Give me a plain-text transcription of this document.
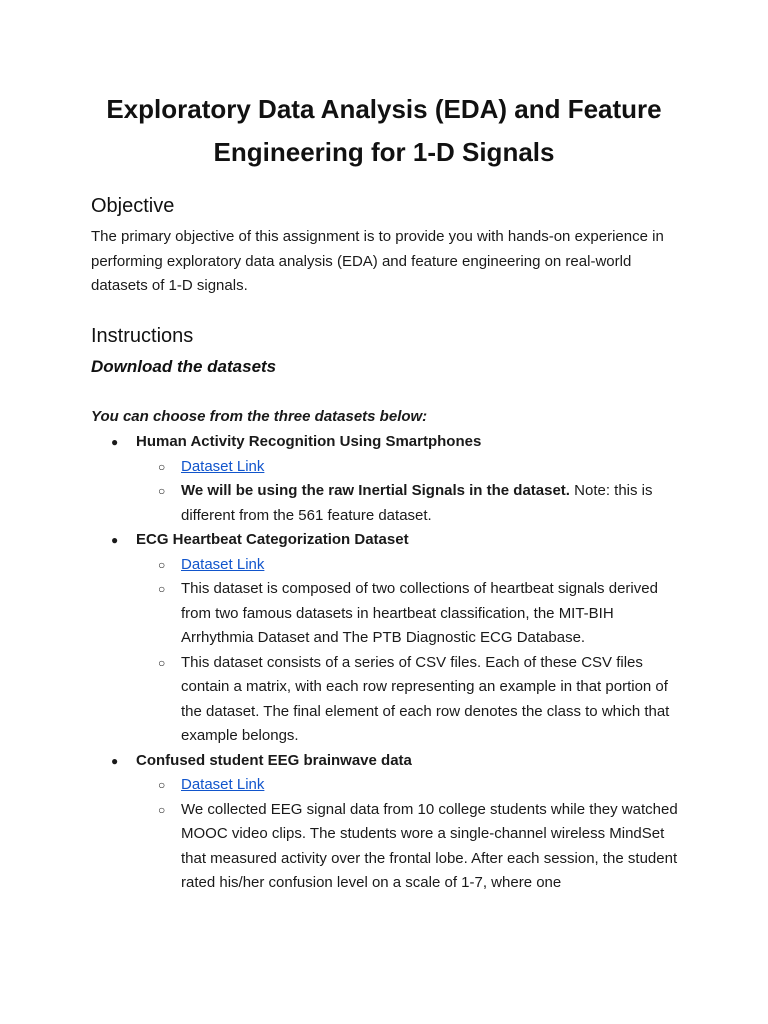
Exploratory Data Analysis (EDA) and Feature Engineering for 1-D Signals
Objective

The primary objective of this assignment is to provide you with hands-on experience in performing exploratory data analysis (EDA) and feature engineering on real-world datasets of 1-D signals.

Instructions
Download the datasets
You can choose from the three datasets below:
● Human Activity Recognition Using Smartphones
○ Dataset Link
○ We will be using the raw Inertial Signals in the dataset. Note: this is different from the 561 feature dataset.
● ECG Heartbeat Categorization Dataset
○ Dataset Link
○ This dataset is composed of two collections of heartbeat signals derived from two famous datasets in heartbeat classification, the MIT-BIH Arrhythmia Dataset and The PTB Diagnostic ECG Database.
○ This dataset consists of a series of CSV files. Each of these CSV files contain a matrix, with each row representing an example in that portion of the dataset. The final element of each row denotes the class to which that example belongs.
● Confused student EEG brainwave data
○ Dataset Link
○ We collected EEG signal data from 10 college students while they watched MOOC video clips. The students wore a single-channel wireless MindSet that measured activity over the frontal lobe. After each session, the student rated his/her confusion level on a scale of 1-7, where one
